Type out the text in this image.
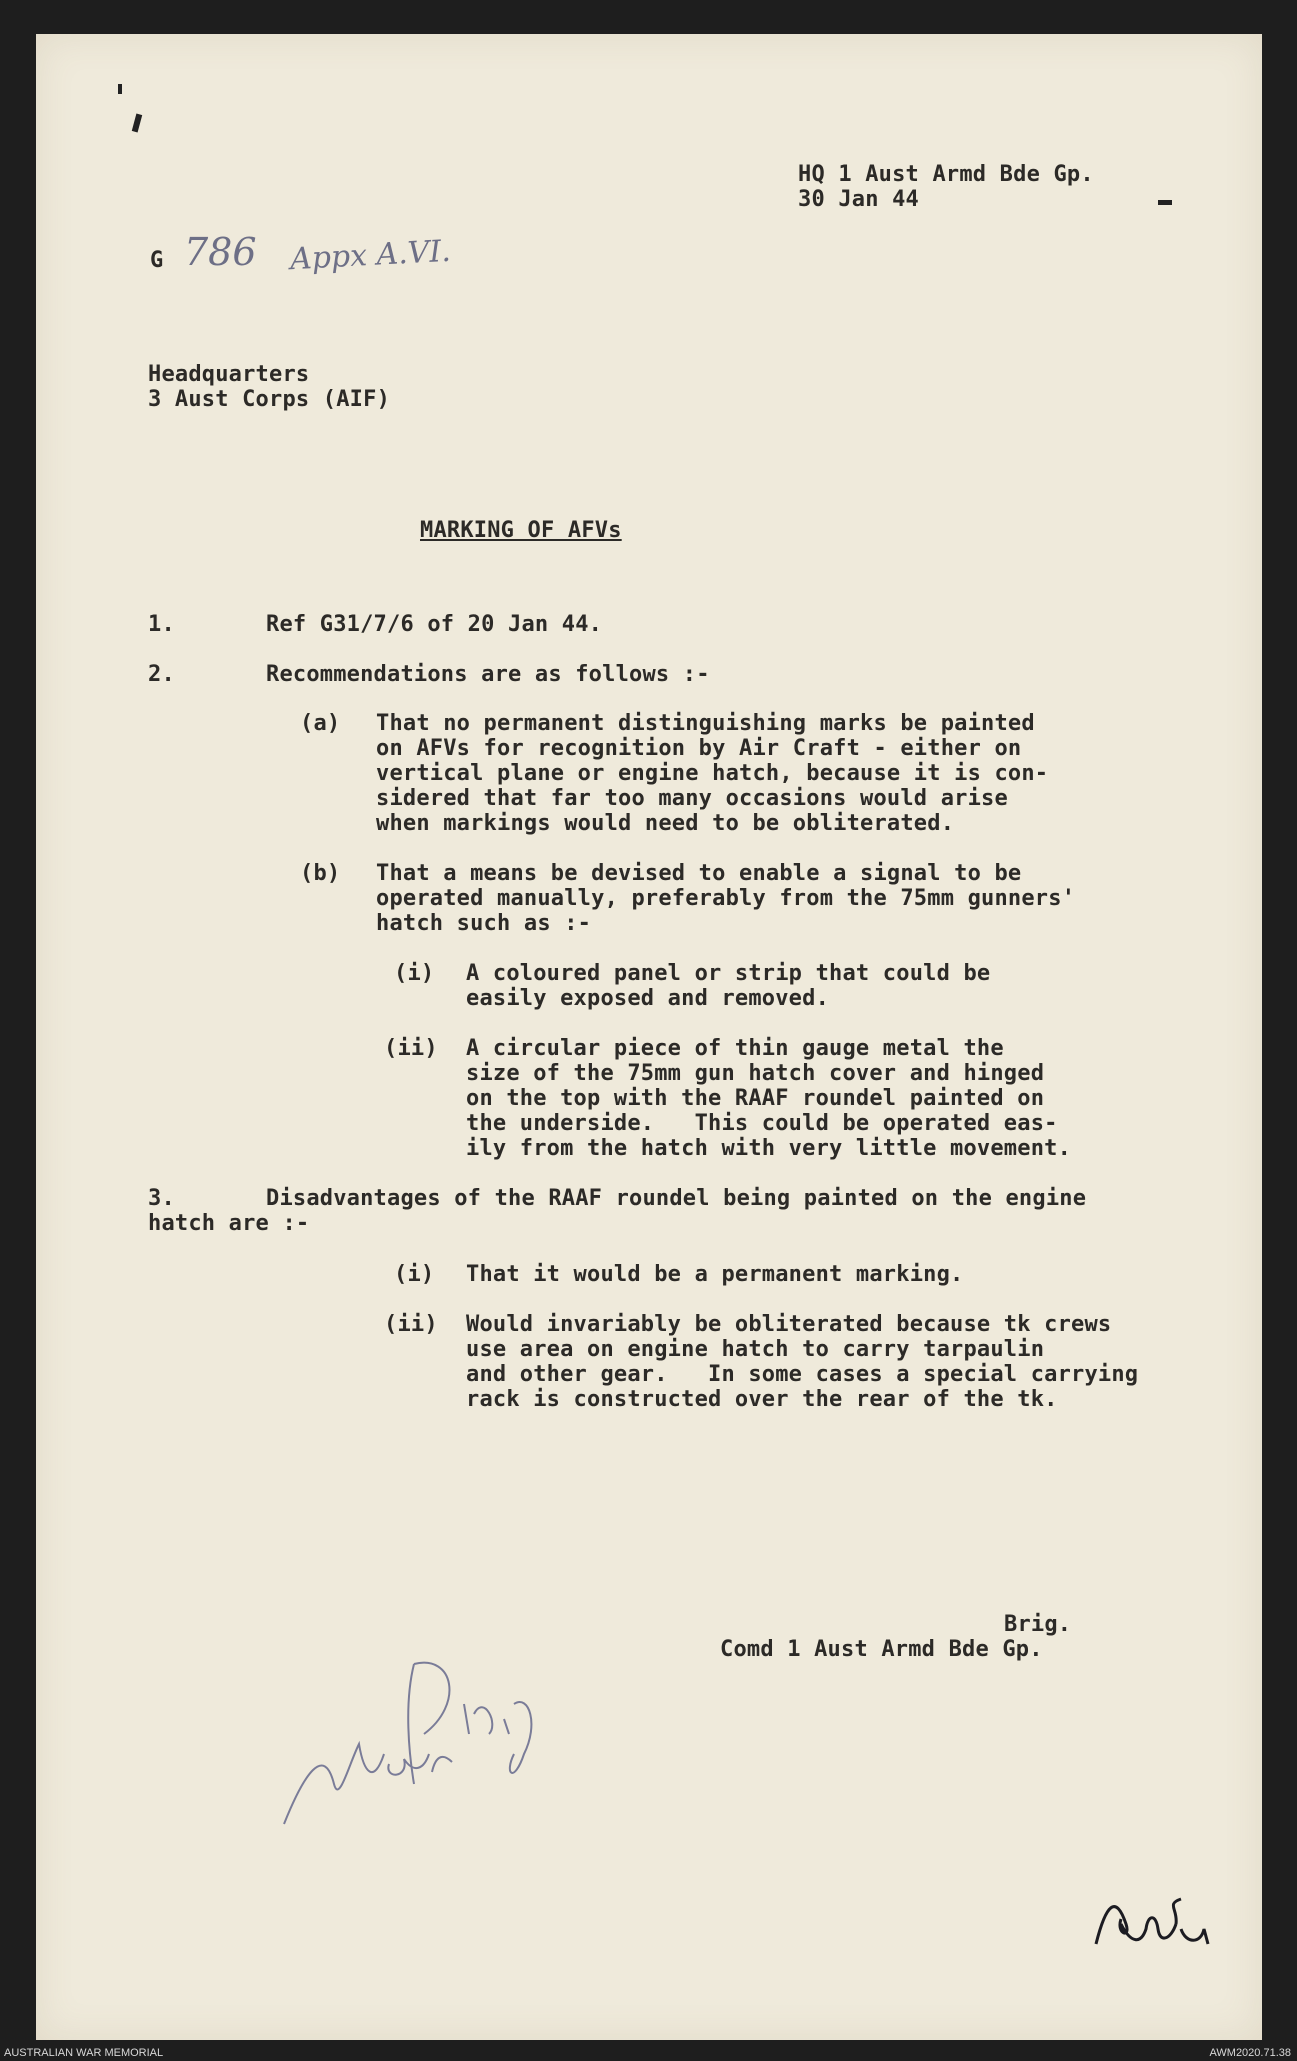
HQ 1 Aust Armd Bde Gp.
30 Jan 44
G 786 Appx A.VI.
Headquarters
3 Aust Corps (AIF)
MARKING OF AFVs
1.	Ref G31/7/6 of 20 Jan 44.
2.	Recommendations are as follows :-
(a) That no permanent distinguishing marks be painted
on AFVs for recognition by Air Craft - either on
vertical plane or engine hatch, because it is con-
sidered that far too many occasions would arise
when markings would need to be obliterated.
(b) That a means be devised to enable a signal to be
operated manually, preferably from the 75mm gunners'
hatch such as :-
(i) A coloured panel or strip that could be
easily exposed and removed.
(ii) A circular piece of thin gauge metal the
size of the 75mm gun hatch cover and hinged
on the top with the RAAF roundel painted on
the underside.   This could be operated eas-
ily from the hatch with very little movement.
3.	Disadvantages of the RAAF roundel being painted on the engine
hatch are :-
(i) That it would be a permanent marking.
(ii) Would invariably be obliterated because tk crews
use area on engine hatch to carry tarpaulin
and other gear.   In some cases a special carrying
rack is constructed over the rear of the tk.
Brig.
Comd 1 Aust Armd Bde Gp.
AUSTRALIAN WAR MEMORIAL	AWM2020.71.38
